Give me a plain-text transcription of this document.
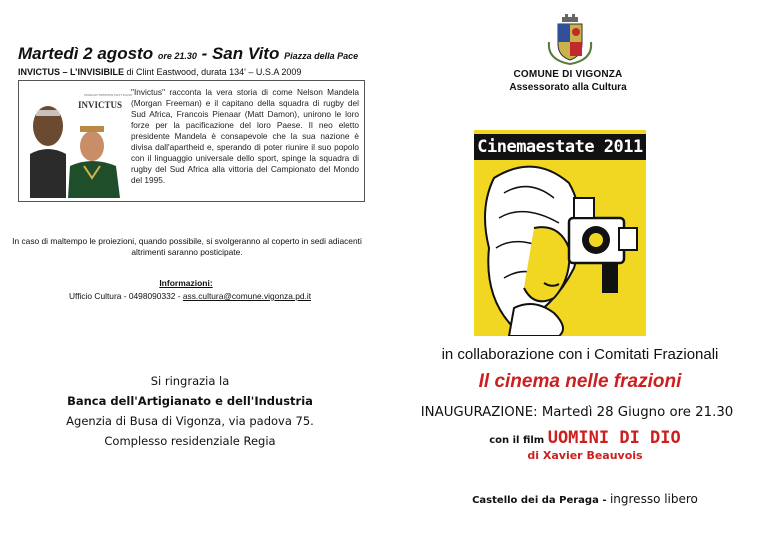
Martedì 2 agosto ore 21.30 - San Vito Piazza della Pace
INVICTUS – L’INVISIBILE di Clint Eastwood, durata 134' – U.S.A 2009
MORGAN FREEMAN MATT DAMON
INVICTUS
"Invictus" racconta la vera storia di come Nelson Mandela (Morgan Freeman) e il capitano della squadra di rugby del Sud Africa, Francois Pienaar (Matt Damon), unirono le loro forze per la pacificazione del loro Paese. Il neo eletto presidente Mandela è consapevole che la sua nazione è divisa dall'apartheid e, sperando di poter riunire il suo popolo con il linguaggio universale dello sport, spinge la squadra di rugby del Sud Africa alla vittoria del Campionato del Mondo del 1995.
In caso di maltempo le proiezioni, quando possibile, si svolgeranno al coperto in sedi adiacenti altrimenti saranno posticipate.
Informazioni:
Ufficio Cultura - 0498090332 - ass.cultura@comune.vigonza.pd.it
Si ringrazia la
Banca dell'Artigianato e dell'Industria
Agenzia di Busa di Vigonza, via padova 75.
Complesso residenziale Regia
COMUNE DI VIGONZA
Assessorato alla Cultura
Cinemaestate 2011
in collaborazione con i Comitati Frazionali
Il cinema nelle frazioni
INAUGURAZIONE: Martedì 28 Giugno ore 21.30
con il film UOMINI DI DIO
di Xavier Beauvois
Castello dei da Peraga - ingresso libero
